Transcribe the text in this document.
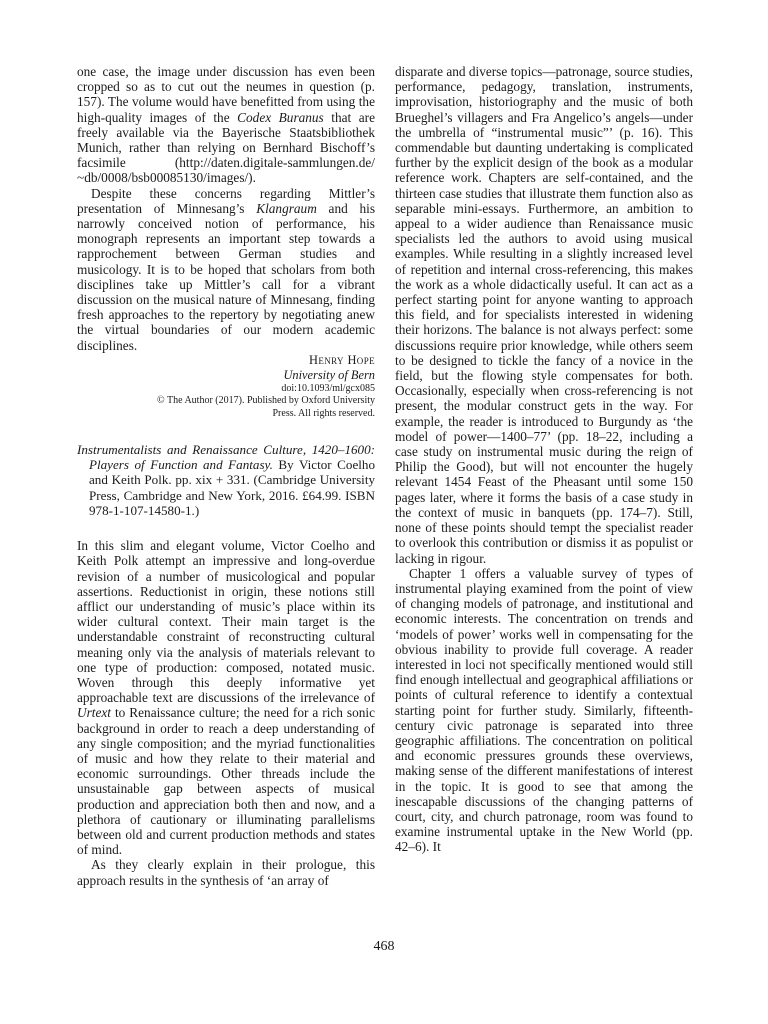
one case, the image under discussion has even been cropped so as to cut out the neumes in question (p. 157). The volume would have benefitted from using the high-quality images of the Codex Buranus that are freely available via the Bayerische Staatsbibliothek Munich, rather than relying on Bernhard Bischoff’s facsimile (http://daten.digitale-sammlungen.de/ ~db/0008/bsb00085130/images/).

Despite these concerns regarding Mittler’s presentation of Minnesang’s Klangraum and his narrowly conceived notion of performance, his monograph represents an important step towards a rapprochement between German studies and musicology. It is to be hoped that scholars from both disciplines take up Mittler’s call for a vibrant discussion on the musical nature of Minnesang, finding fresh approaches to the repertory by negotiating anew the virtual boundaries of our modern academic disciplines.

Henry Hope
University of Bern
doi:10.1093/ml/gcx085
© The Author (2017). Published by Oxford University
Press. All rights reserved.

Instrumentalists and Renaissance Culture, 1420–1600: Players of Function and Fantasy. By Victor Coelho and Keith Polk. pp. xix + 331. (Cambridge University Press, Cambridge and New York, 2016. £64.99. ISBN 978-1-107-14580-1.)

In this slim and elegant volume, Victor Coelho and Keith Polk attempt an impressive and long-overdue revision of a number of musicological and popular assertions. Reductionist in origin, these notions still afflict our understanding of music’s place within its wider cultural context. Their main target is the understandable constraint of reconstructing cultural meaning only via the analysis of materials relevant to one type of production: composed, notated music. Woven through this deeply informative yet approachable text are discussions of the irrelevance of Urtext to Renaissance culture; the need for a rich sonic background in order to reach a deep understanding of any single composition; and the myriad functionalities of music and how they relate to their material and economic surroundings. Other threads include the unsustainable gap between aspects of musical production and appreciation both then and now, and a plethora of cautionary or illuminating parallelisms between old and current production methods and states of mind.

As they clearly explain in their prologue, this approach results in the synthesis of ‘an array of

disparate and diverse topics—patronage, source studies, performance, pedagogy, translation, instruments, improvisation, historiography and the music of both Brueghel’s villagers and Fra Angelico’s angels—under the umbrella of “instrumental music”’ (p. 16). This commendable but daunting undertaking is complicated further by the explicit design of the book as a modular reference work. Chapters are self-contained, and the thirteen case studies that illustrate them function also as separable mini-essays. Furthermore, an ambition to appeal to a wider audience than Renaissance music specialists led the authors to avoid using musical examples. While resulting in a slightly increased level of repetition and internal cross-referencing, this makes the work as a whole didactically useful. It can act as a perfect starting point for anyone wanting to approach this field, and for specialists interested in widening their horizons. The balance is not always perfect: some discussions require prior knowledge, while others seem to be designed to tickle the fancy of a novice in the field, but the flowing style compensates for both. Occasionally, especially when cross-referencing is not present, the modular construct gets in the way. For example, the reader is introduced to Burgundy as ‘the model of power—1400–77’ (pp. 18–22, including a case study on instrumental music during the reign of Philip the Good), but will not encounter the hugely relevant 1454 Feast of the Pheasant until some 150 pages later, where it forms the basis of a case study in the context of music in banquets (pp. 174–7). Still, none of these points should tempt the specialist reader to overlook this contribution or dismiss it as populist or lacking in rigour.

Chapter 1 offers a valuable survey of types of instrumental playing examined from the point of view of changing models of patronage, and institutional and economic interests. The concentration on trends and ‘models of power’ works well in compensating for the obvious inability to provide full coverage. A reader interested in loci not specifically mentioned would still find enough intellectual and geographical affiliations or points of cultural reference to identify a contextual starting point for further study. Similarly, fifteenth-century civic patronage is separated into three geographic affiliations. The concentration on political and economic pressures grounds these overviews, making sense of the different manifestations of interest in the topic. It is good to see that among the inescapable discussions of the changing patterns of court, city, and church patronage, room was found to examine instrumental uptake in the New World (pp. 42–6). It

468
